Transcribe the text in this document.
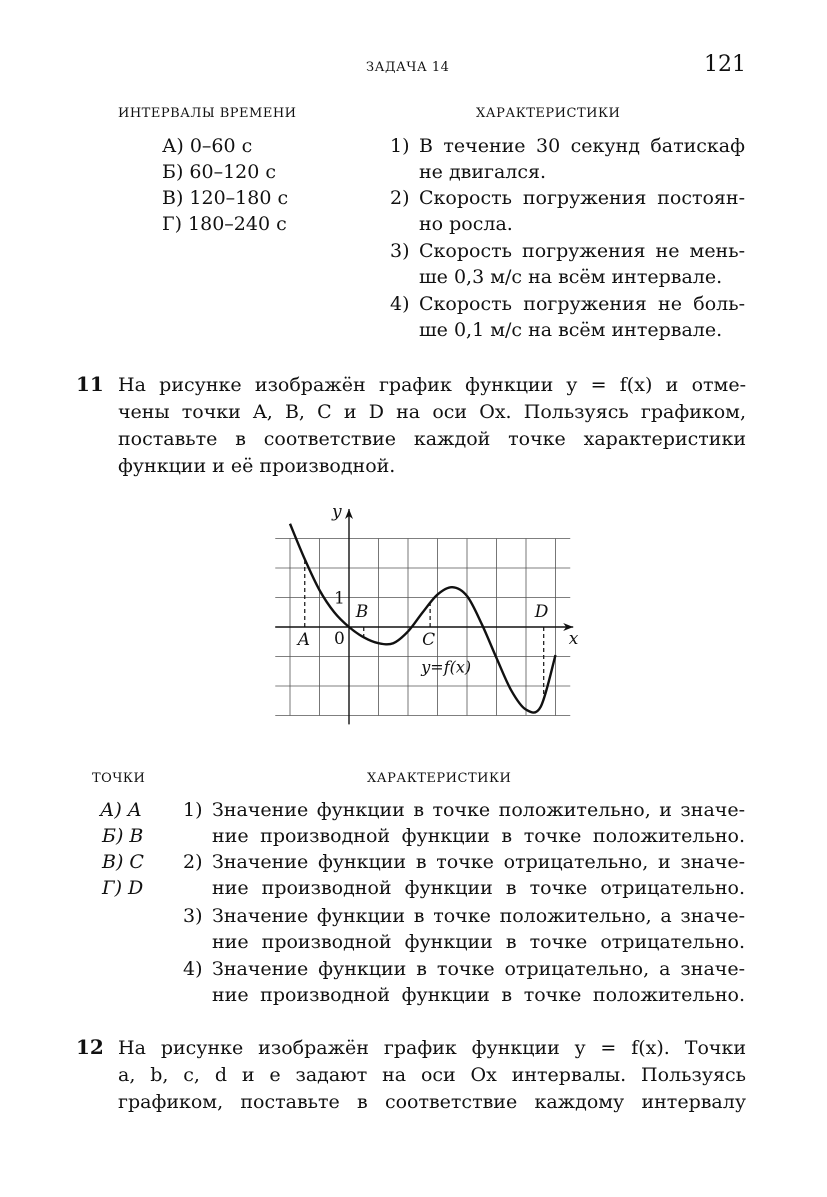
ЗАДАЧА 14	121
ИНТЕРВАЛЫ ВРЕМЕНИ	ХАРАКТЕРИСТИКИ
А) 0–60 с
Б) 60–120 с
В) 120–180 с
Г) 180–240 с
1) В течение 30 секунд батискаф
не двигался.
2) Скорость погружения постоян-
но росла.
3) Скорость погружения не мень-
ше 0,3 м/с на всём интервале.
4) Скорость погружения не боль-
ше 0,1 м/с на всём интервале.
11 На рисунке изображён график функции y = f(x) и отме-
чены точки A, B, C и D на оси Ox. Пользуясь графиком,
поставьте в соответствие каждой точке характеристики
функции и её производной.
y
x
0
1
A
B
C
D
y=f(x)
ТОЧКИ	ХАРАКТЕРИСТИКИ
А) A
Б) B
В) C
Г) D
1) Значение функции в точке положительно, и значе-
ние производной функции в точке положительно.
2) Значение функции в точке отрицательно, и значе-
ние производной функции в точке отрицательно.
3) Значение функции в точке положительно, а значе-
ние производной функции в точке отрицательно.
4) Значение функции в точке отрицательно, а значе-
ние производной функции в точке положительно.
12 На рисунке изображён график функции y = f(x). Точки
a, b, c, d и e задают на оси Ox интервалы. Пользуясь
графиком, поставьте в соответствие каждому интервалу
